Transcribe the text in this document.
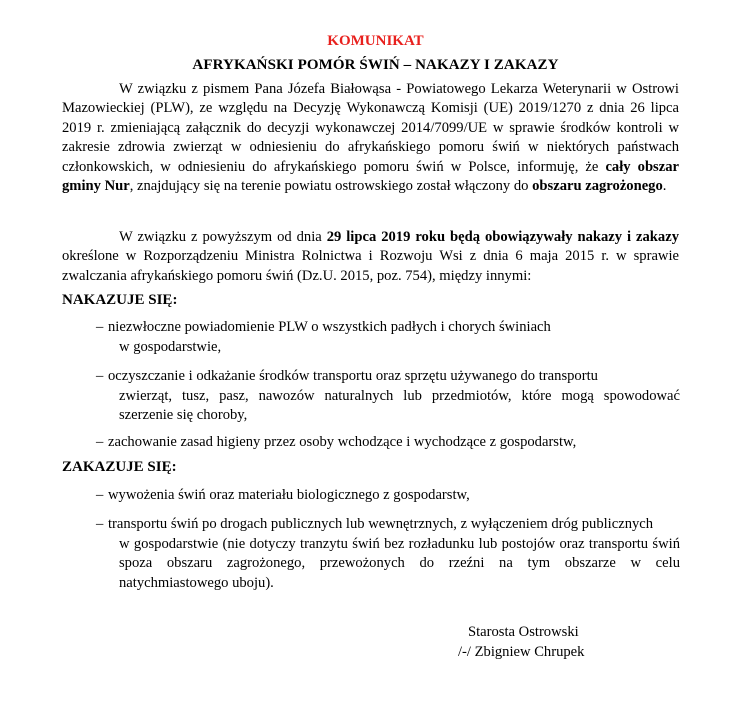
KOMUNIKAT
AFRYKAŃSKI POMÓR ŚWIŃ – NAKAZY I ZAKAZY

W związku z pismem Pana Józefa Białowąsa - Powiatowego Lekarza Weterynarii w Ostrowi Mazowieckiej (PLW), ze względu na Decyzję Wykonawczą Komisji (UE) 2019/1270 z dnia 26 lipca 2019 r. zmieniającą załącznik do decyzji wykonawczej 2014/7099/UE w sprawie środków kontroli w zakresie zdrowia zwierząt w odniesieniu do afrykańskiego pomoru świń w niektórych państwach członkowskich, w odniesieniu do afrykańskiego pomoru świń w Polsce, informuję, że cały obszar gminy Nur, znajdujący się na terenie powiatu ostrowskiego został włączony do obszaru zagrożonego.

W związku z powyższym od dnia 29 lipca 2019 roku będą obowiązywały nakazy i zakazy określone w Rozporządzeniu Ministra Rolnictwa i Rozwoju Wsi z dnia 6 maja 2015 r. w sprawie zwalczania afrykańskiego pomoru świń (Dz.U. 2015, poz. 754), między innymi:

NAKAZUJE SIĘ:
– niezwłoczne powiadomienie PLW o wszystkich padłych i chorych świniach
w gospodarstwie,
– oczyszczanie i odkażanie środków transportu oraz sprzętu używanego do transportu
zwierząt, tusz, pasz, nawozów naturalnych lub przedmiotów, które mogą spowodować szerzenie się choroby,
– zachowanie zasad higieny przez osoby wchodzące i wychodzące z gospodarstw,
ZAKAZUJE SIĘ:
– wywożenia świń oraz materiału biologicznego z gospodarstw,
– transportu świń po drogach publicznych lub wewnętrznych, z wyłączeniem dróg publicznych
w gospodarstwie (nie dotyczy tranzytu świń bez rozładunku lub postojów oraz transportu świń spoza obszaru zagrożonego, przewożonych do rzeźni na tym obszarze w celu natychmiastowego uboju).
Starosta Ostrowski
/-/ Zbigniew Chrupek
